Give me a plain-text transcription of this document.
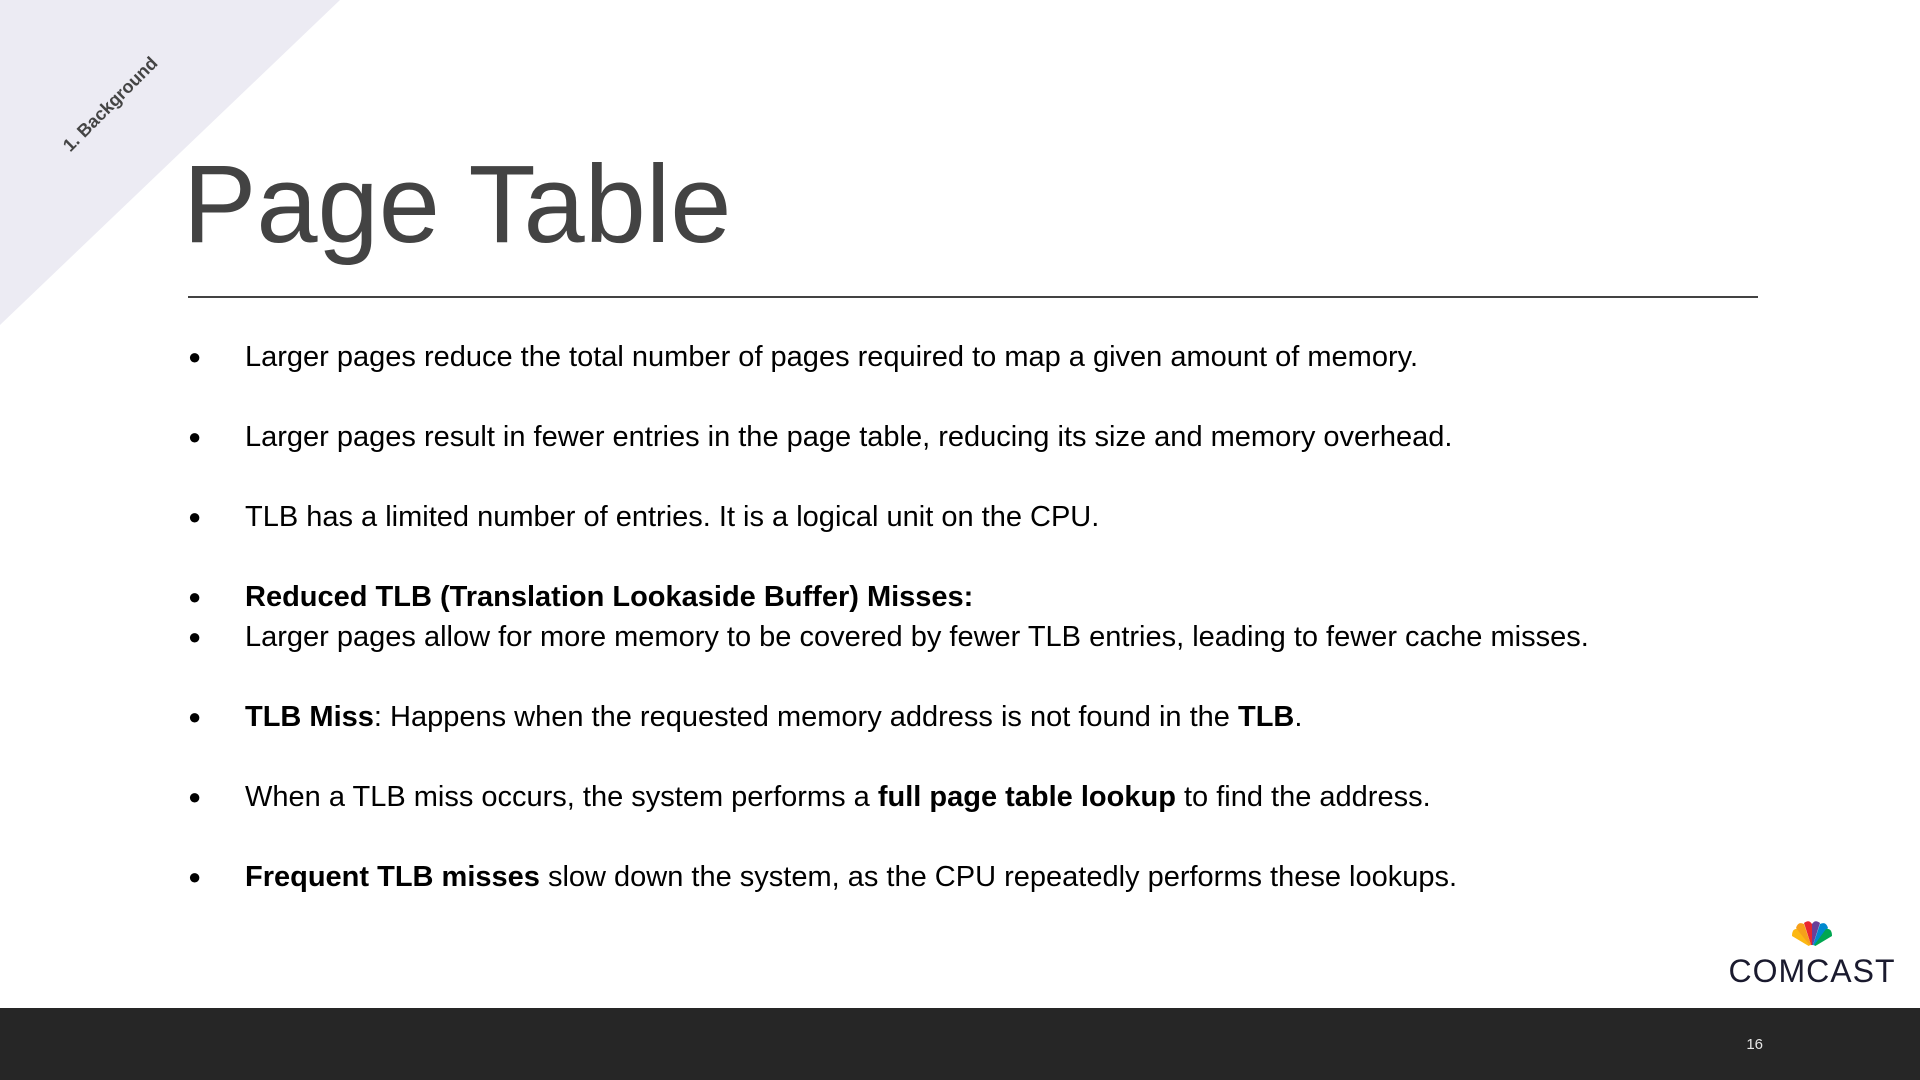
1. Background
Page Table
● Larger pages reduce the total number of pages required to map a given amount of memory.
● Larger pages result in fewer entries in the page table, reducing its size and memory overhead.
● TLB has a limited number of entries. It is a logical unit on the CPU.
● Reduced TLB (Translation Lookaside Buffer) Misses:
● Larger pages allow for more memory to be covered by fewer TLB entries, leading to fewer cache misses.
● TLB Miss: Happens when the requested memory address is not found in the TLB.
● When a TLB miss occurs, the system performs a full page table lookup to find the address.
● Frequent TLB misses slow down the system, as the CPU repeatedly performs these lookups.
COMCAST
16
